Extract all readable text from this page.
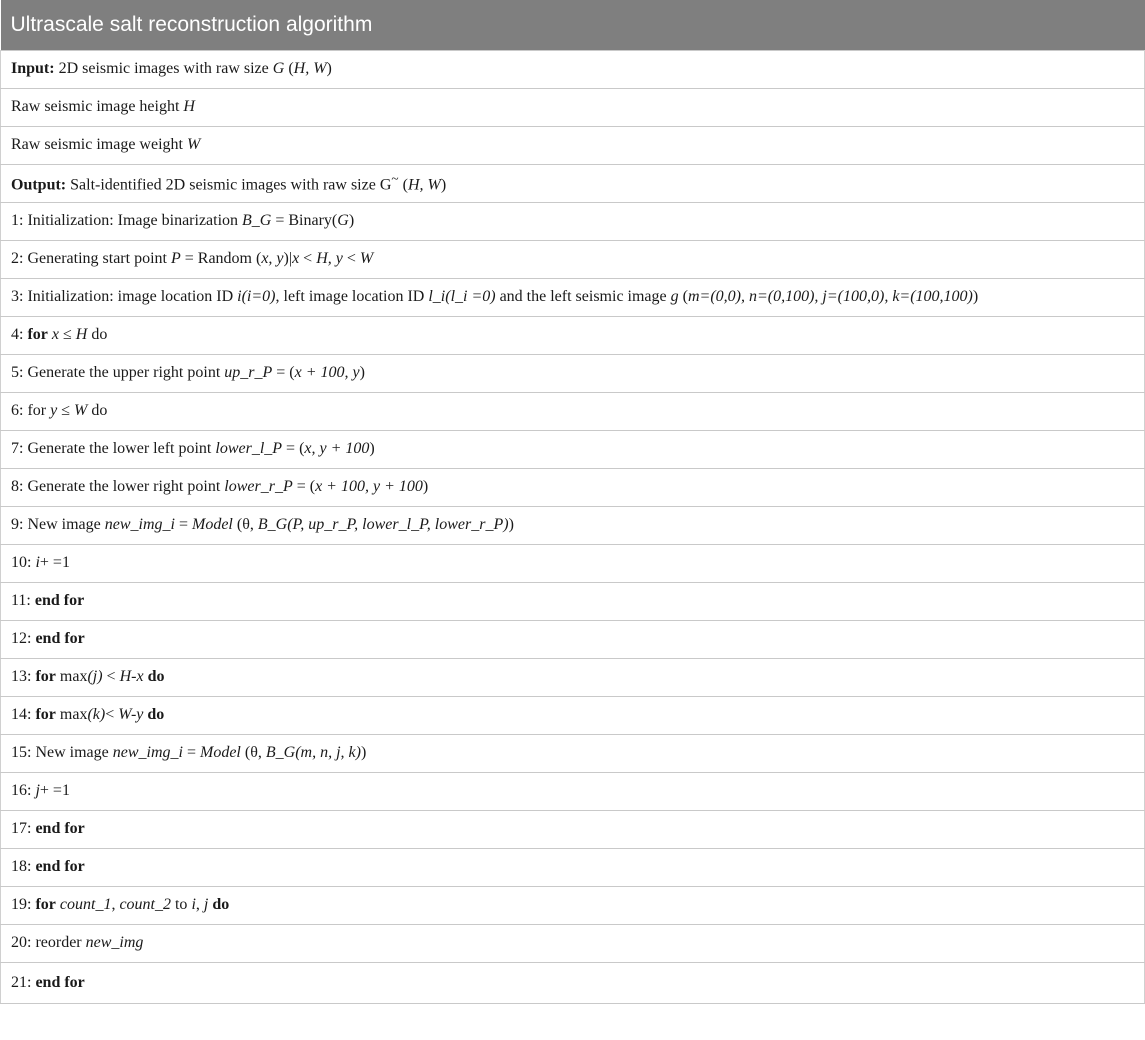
Ultrascale salt reconstruction algorithm
Input: 2D seismic images with raw size G (H, W)
Raw seismic image height H
Raw seismic image weight W
Output: Salt-identified 2D seismic images with raw size G~ (H, W)
1: Initialization: Image binarization B_G = Binary(G)
2: Generating start point P = Random (x, y)|x < H, y < W
3: Initialization: image location ID i(i=0), left image location ID l_i(l_i =0) and the left seismic image g (m=(0,0), n=(0,100), j=(100,0), k=(100,100))
4: for x ≤ H do
5: Generate the upper right point up_r_P = (x + 100, y)
6: for y ≤ W do
7: Generate the lower left point lower_l_P = (x, y + 100)
8: Generate the lower right point lower_r_P = (x + 100, y + 100)
9: New image new_img_i = Model (θ, B_G(P, up_r_P, lower_l_P, lower_r_P))
10: i+ =1
11: end for
12: end for
13: for max(j) < H-x do
14: for max(k)< W-y do
15: New image new_img_i = Model (θ, B_G(m, n, j, k))
16: j+ =1
17: end for
18: end for
19: for count_1, count_2 to i, j do
20: reorder new_img
21: end for
